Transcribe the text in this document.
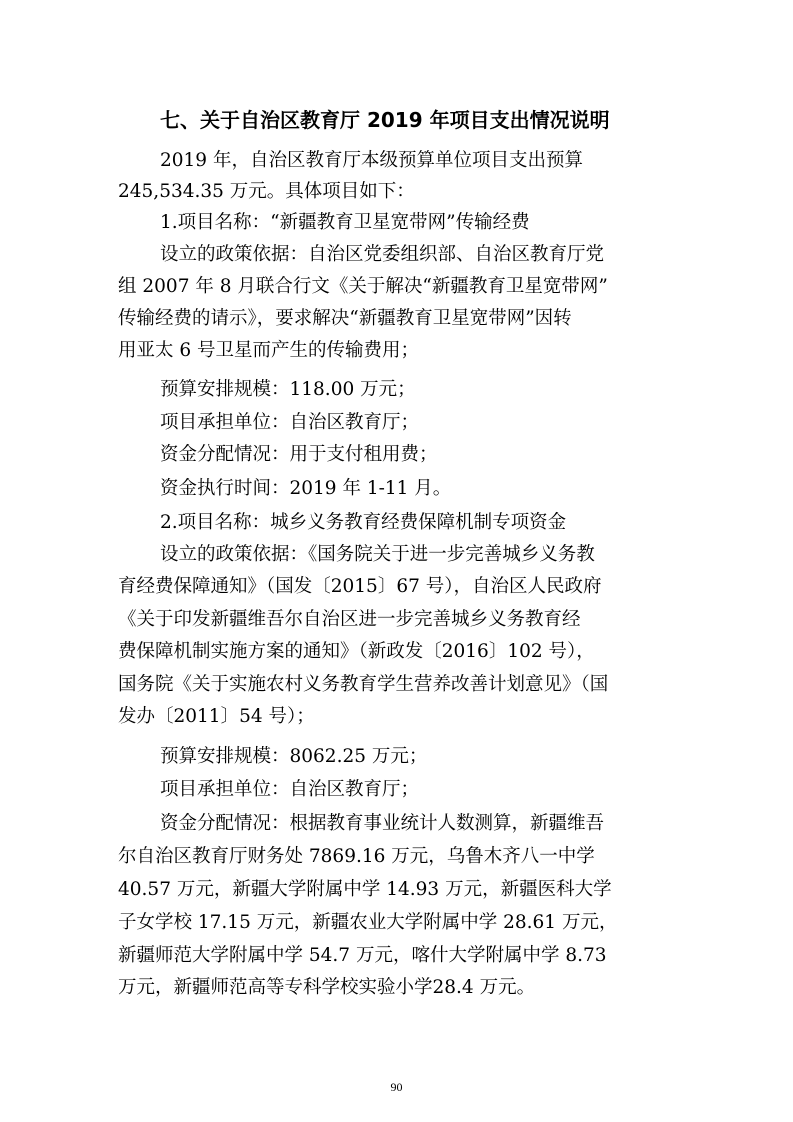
七、关于自治区教育厅 2019 年项目支出情况说明
2019 年，自治区教育厅本级预算单位项目支出预算
245,534.35 万元。具体项目如下：
1.项目名称：“新疆教育卫星宽带网”传输经费
设立的政策依据：自治区党委组织部、自治区教育厅党
组 2007 年 8 月联合行文《关于解决“新疆教育卫星宽带网”
传输经费的请示》，要求解决“新疆教育卫星宽带网”因转
用亚太 6 号卫星而产生的传输费用；
预算安排规模：118.00 万元；
项目承担单位：自治区教育厅；
资金分配情况：用于支付租用费；
资金执行时间：2019 年 1-11 月。
2.项目名称：城乡义务教育经费保障机制专项资金
设立的政策依据：《国务院关于进一步完善城乡义务教
育经费保障通知》（国发〔2015〕67 号），自治区人民政府
《关于印发新疆维吾尔自治区进一步完善城乡义务教育经
费保障机制实施方案的通知》（新政发〔2016〕102 号），
国务院《关于实施农村义务教育学生营养改善计划意见》（国
发办〔2011〕54 号）；
预算安排规模：8062.25 万元；
项目承担单位：自治区教育厅；
资金分配情况：根据教育事业统计人数测算，新疆维吾
尔自治区教育厅财务处 7869.16 万元，乌鲁木齐八一中学
40.57 万元，新疆大学附属中学 14.93 万元，新疆医科大学
子女学校 17.15 万元，新疆农业大学附属中学 28.61 万元，
新疆师范大学附属中学 54.7 万元，喀什大学附属中学 8.73
万元，新疆师范高等专科学校实验小学28.4 万元。
90
